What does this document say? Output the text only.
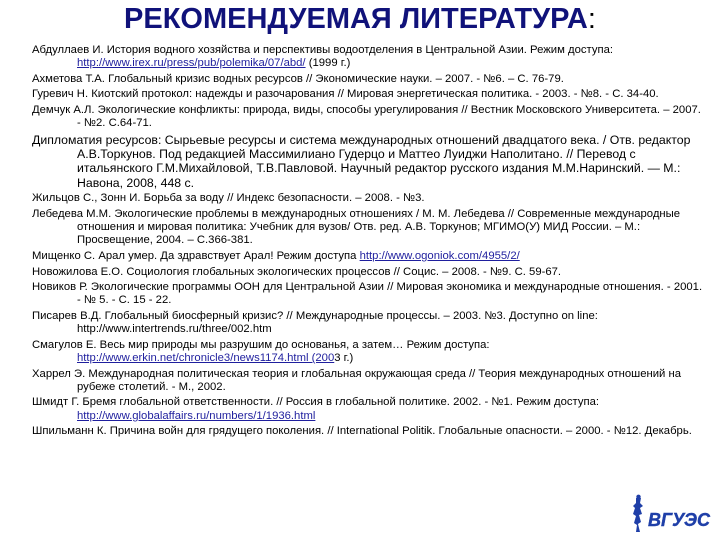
РЕКОМЕНДУЕМАЯ ЛИТЕРАТУРА:
Абдуллаев И. История водного хозяйства и перспективы водоотделения в Центральной Азии. Режим доступа: http://www.irex.ru/press/pub/polemika/07/abd/ (1999 г.)
Ахметова Т.А. Глобальный кризис водных ресурсов // Экономические науки. – 2007. - №6. – С. 76-79.
Гуревич Н. Киотский протокол: надежды и разочарования // Мировая энергетическая политика. - 2003. - №8. - С. 34-40.
Демчук А.Л. Экологические конфликты: природа, виды, способы урегулирования // Вестник Московского Университета. – 2007. - №2. С.64-71.
Дипломатия ресурсов: Сырьевые ресурсы и система международных отношений двадцатого века. / Отв. редактор А.В.Торкунов. Под редакцией Массимилиано Гудерцо и Маттео Луиджи Наполитано. // Перевод с итальянского Г.М.Михайловой, Т.В.Павловой. Научный редактор русского издания М.М.Наринский. — М.: Навона, 2008, 448 с.
Жильцов С., Зонн И. Борьба за воду // Индекс безопасности. – 2008. - №3.
Лебедева М.М. Экологические проблемы в международных отношениях / М. М. Лебедева // Современные международные отношения и мировая политика: Учебник для вузов/ Отв. ред. А.В. Торкунов; МГИМО(У) МИД России. – М.: Просвещение, 2004. – С.366-381.
Мищенко С. Арал умер. Да здравствует Арал! Режим доступа http://www.ogoniok.com/4955/2/
Новожилова Е.О. Социология глобальных экологических процессов // Социс. – 2008. - №9. С. 59-67.
Новиков Р. Экологические программы ООН для Центральной Азии // Мировая экономика и международные отношения. - 2001. - № 5. - С. 15 - 22.
Писарев В.Д. Глобальный биосферный кризис? // Международные процессы. – 2003. №3. Доступно on line: http://www.intertrends.ru/three/002.htm
Смагулов Е. Весь мир природы мы разрушим до основанья, а затем… Режим доступа: http://www.erkin.net/chronicle3/news1174.html (2003 г.)
Харрел Э. Международная политическая теория и глобальная окружающая среда // Теория международных отношений на рубеже столетий. - М., 2002.
Шмидт Г. Бремя глобальной ответственности. // Россия в глобальной политике. 2002. - №1. Режим доступа: http://www.globalaffairs.ru/numbers/1/1936.html
Шпильманн К. Причина войн для грядущего поколения. // International Politik. Глобальные опасности. – 2000. - №12. Декабрь.
ВГУЭС
